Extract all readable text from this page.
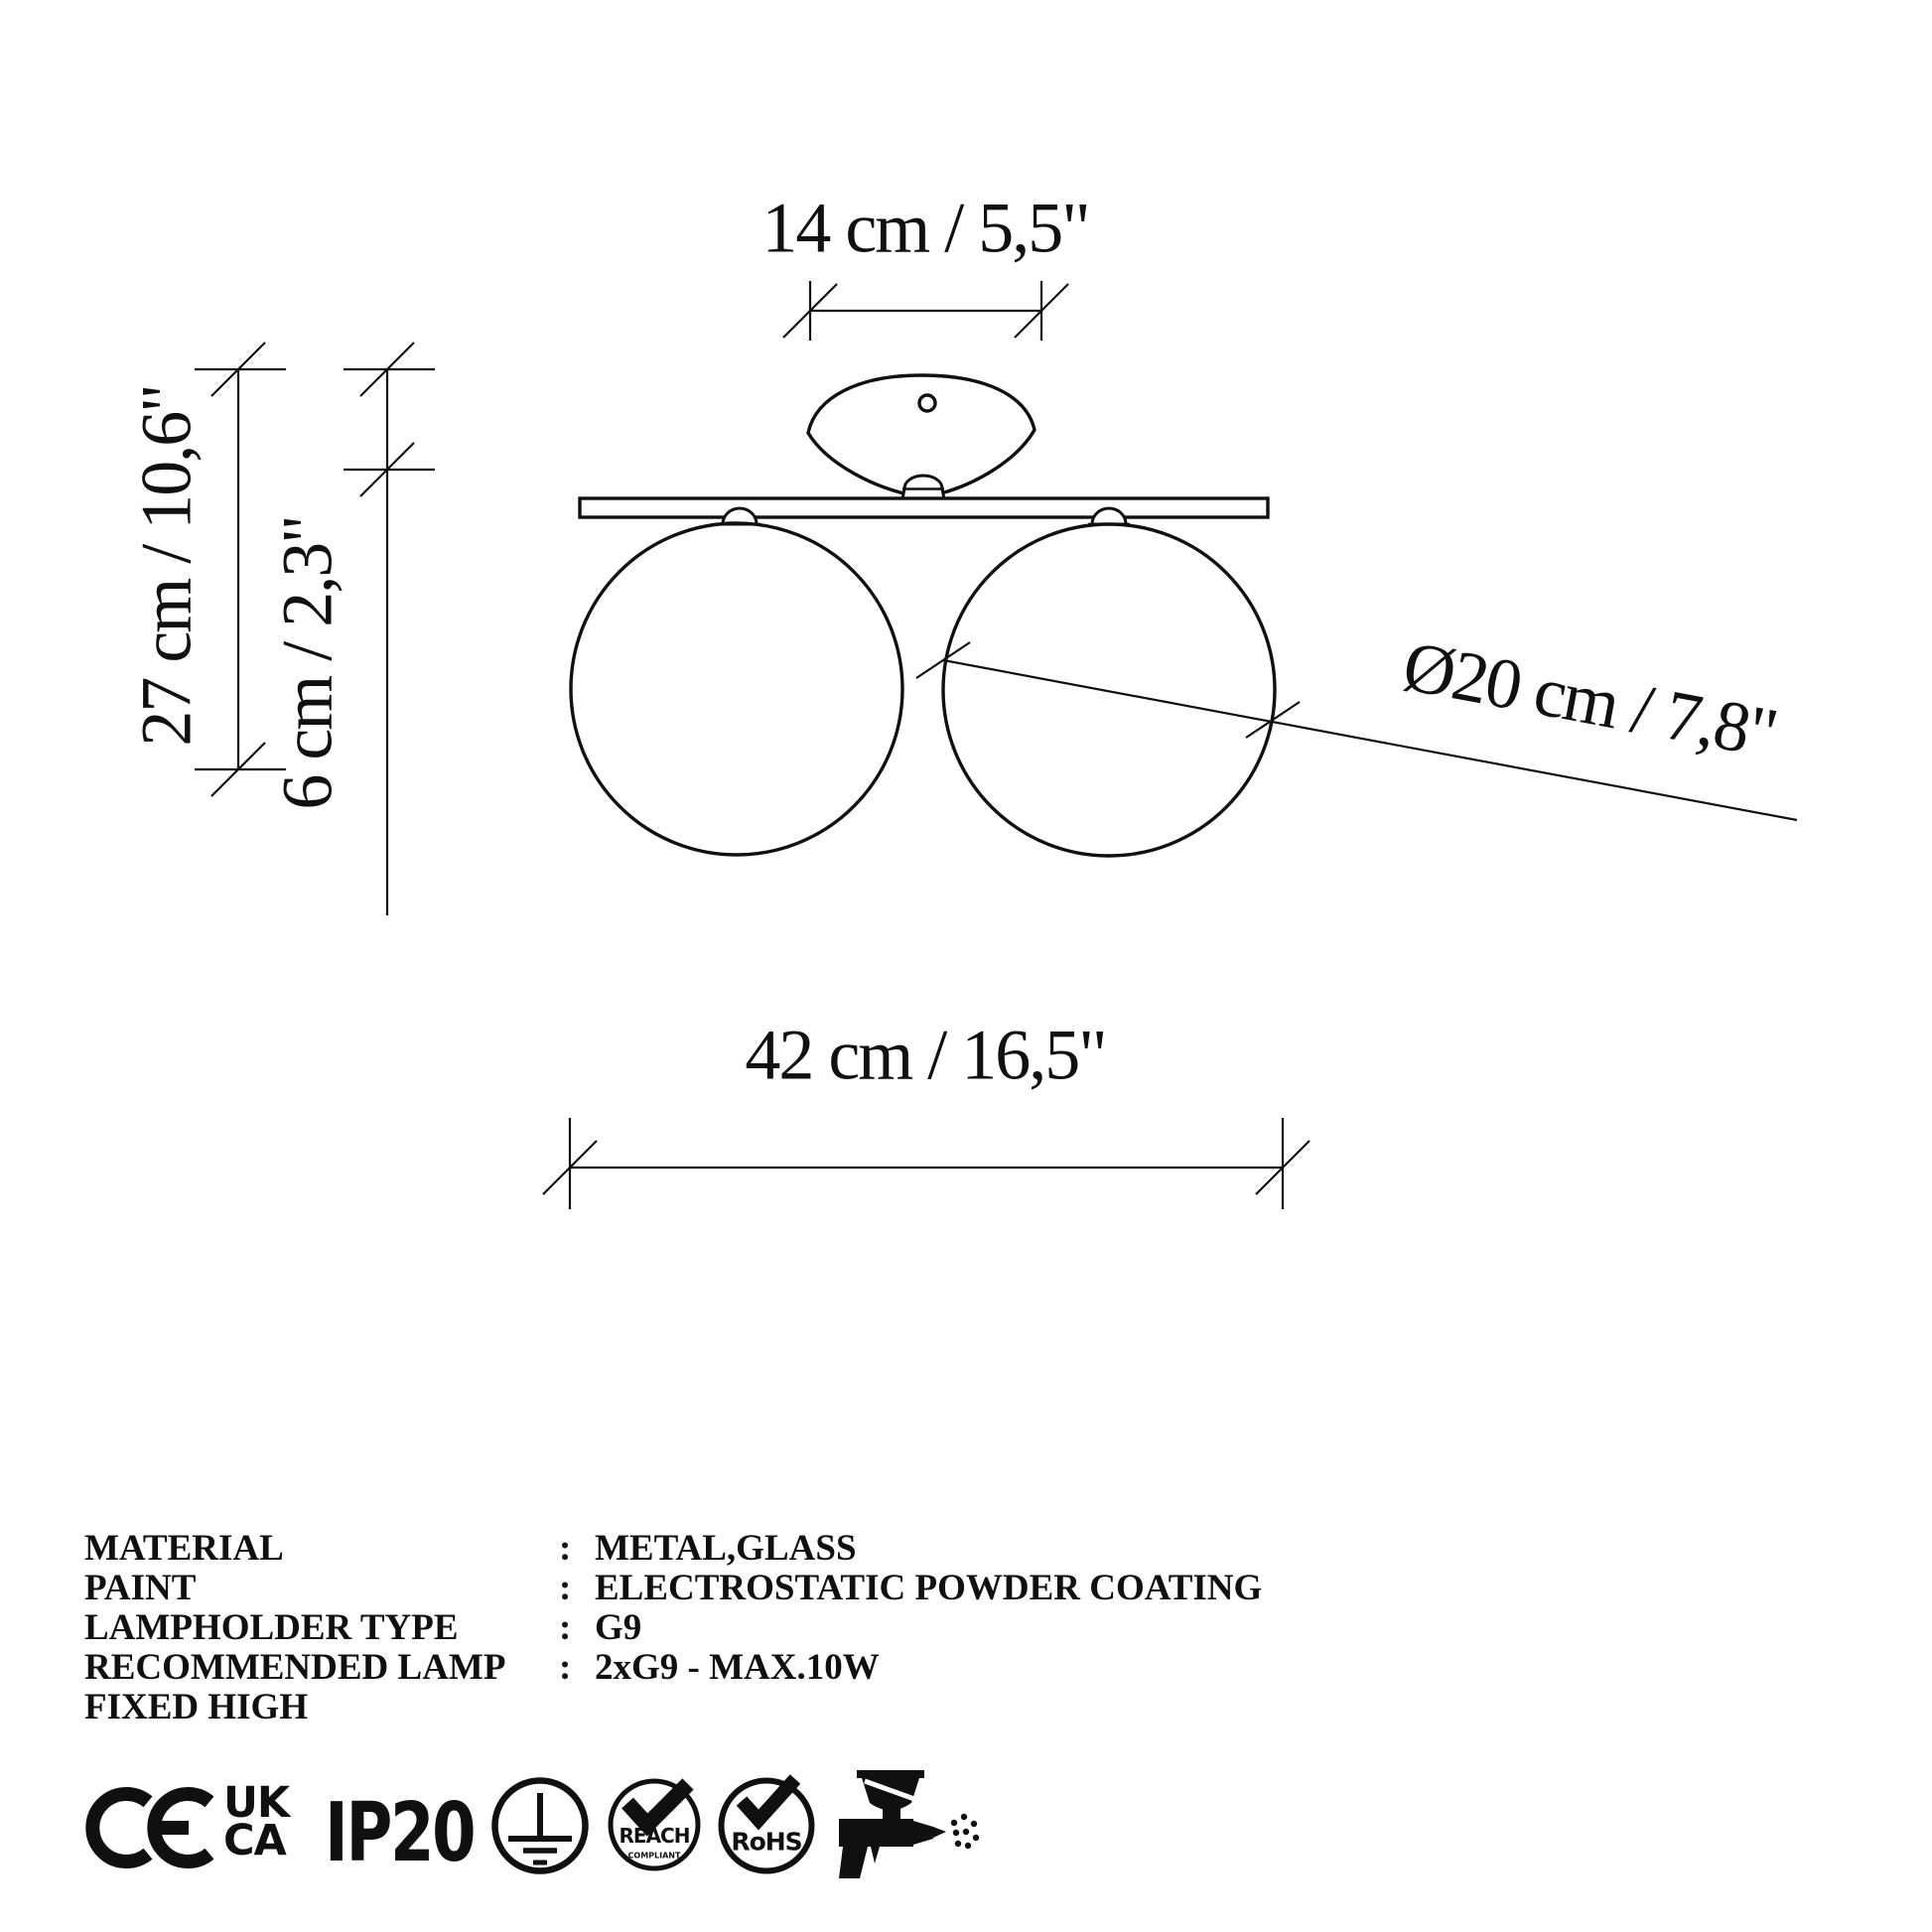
14 cm / 5,5"
27 cm / 10,6" 6 cm / 2,3"	Ø20 cm / 7,8"
42 cm / 16,5"
MATERIAL	: METAL,GLASS
PAINT	: ELECTROSTATIC POWDER COATING
LAMPHOLDER TYPE	: G9
RECOMMENDED LAMP	: 2xG9 - MAX.10W
FIXED HIGH
UK
CA IP20	REACH
COMPLIANT RoHS
